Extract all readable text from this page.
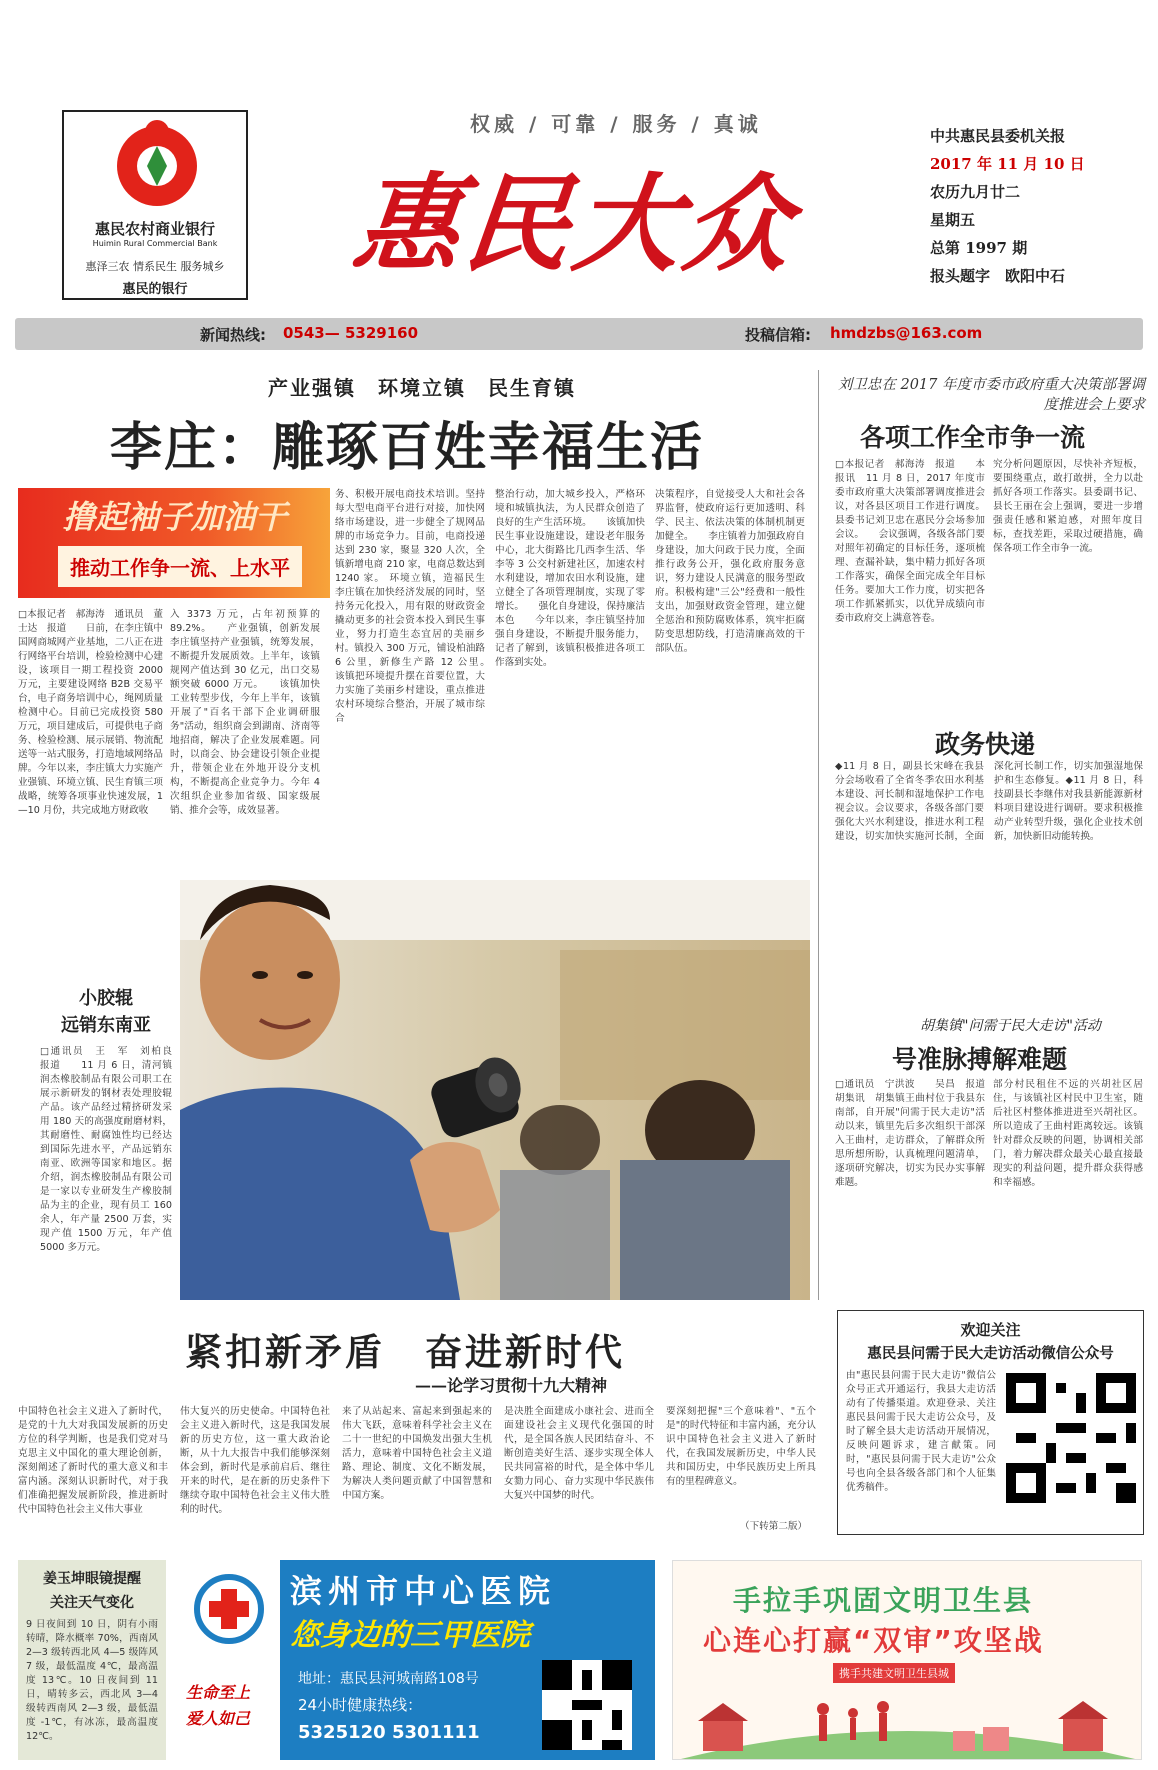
惠民农村商业银行
Huimin Rural Commercial Bank
惠泽三农 情系民生 服务城乡
惠民的银行
权威 / 可靠 / 服务 / 真诚
惠民大众
中共惠民县委机关报
2017 年 11 月 10 日
农历九月廿二
星期五
总第 1997 期
报头题字　欧阳中石
新闻热线: 0543— 5329160	投稿信箱: hmdzbs@163.com
产业强镇　环境立镇　民生育镇
李庄：雕琢百姓幸福生活
撸起袖子加油干
推动工作争一流、上水平
□本报记者　郝海涛　通讯员　董士达　报道　　日前，在李庄镇中国网商城网产业基地，二八正在进行网络平台培训，检验检测中心建设，该项目一期工程投资 2000 万元，主要建设网络 B2B 交易平台，电子商务培训中心，绳网质量检测中心。目前已完成投资 580 万元，项目建成后，可提供电子商务、检验检测、展示展销、物流配送等一站式服务，打造地域网络品牌。今年以来，李庄镇大力实施产业强镇、环境立镇、民生育镇三项战略，统筹各项事业快速发展，1—10 月份，共完成地方财政收
入 3373 万元，占年初预算的 89.2%。　　产业强镇，创新发展　　李庄镇坚持产业强镇，统筹发展，不断提升发展质效。上半年，该镇规网产值达到 30 亿元，出口交易额突破 6000 万元。　　该镇加快工业转型步伐，今年上半年，该镇开展了"百名干部下企业调研服务"活动，组织商会到湖南、济南等地招商，解决了企业发展难题。同时，以商会、协会建设引领企业提升，带领企业在外地开设分支机构，不断提高企业竞争力。今年 4 次组织企业参加省级、国家级展销、推介会等，成效显著。
务、积极开展电商技术培训。坚持每大型电商平台进行对接，加快网络市场建设，进一步健全了规网品牌的市场竞争力。目前，电商投递达到 230 家，聚显 320 人次，全镇新增电商 210 家，电商总数达到 1240 家。 环境立镇，造福民生　　李庄镇在加快经济发展的同时，坚持务元化投入，用有限的财政资金撬动更多的社会资本投入到民生事业，努力打造生态宜居的美丽乡村。镇投入 300 万元，铺设柏油路 6 公里，新修生产路 12 公里。　　该镇把环境提升摆在首要位置，大力实施了美丽乡村建设，重点推进农村环境综合整治，开展了城市综合
整治行动，加大城乡投入，严格环境和城镇执法，为人民群众创造了良好的生产生活环境。　　该镇加快民生事业设施建设，建设老年服务中心，北大街路比几西李生活、华李等 3 公交村新建社区，加速农村水利建设，增加农田水利设施，建立健全了各项管理制度，实现了零增长。　　强化自身建设，保持廉洁本色　　今年以来，李庄镇坚持加强自身建设，不断提升服务能力，记者了解到，该镇积极推进各项工作落到实处。
决策程序，自觉接受人大和社会各界监督，使政府运行更加透明、科学、民主、依法决策的体制机制更加健全。　　李庄镇着力加强政府自身建设，加大问政于民力度，全面推行政务公开，强化政府服务意识，努力建设人民满意的服务型政府。积极构建"三公"经费和一般性支出，加强财政资金管理，建立健全惩治和预防腐败体系，筑牢拒腐防变思想防线，打造清廉高效的干部队伍。
刘卫忠在 2017 年度市委市政府重大决策部署调度推进会上要求
各项工作全市争一流
□本报记者　郝海涛　报道　　本报讯　11 月 8 日，2017 年度市委市政府重大决策部署调度推进会议，对各县区项目工作进行调度。县委书记刘卫忠在惠民分会场参加会议。　　会议强调，各级各部门要对照年初确定的目标任务，逐项梳理、查漏补缺，集中精力抓好各项工作落实，确保全面完成全年目标任务。要加大工作力度，切实把各项工作抓紧抓实，以优异成绩向市委市政府交上满意答卷。
究分析问题原因，尽快补齐短板，要围绕重点，敢打敢拼，全力以赴抓好各项工作落实。县委副书记、县长王丽在会上强调，要进一步增强责任感和紧迫感，对照年度目标，查找差距，采取过硬措施，确保各项工作全市争一流。
政务快递
◆11 月 8 日，副县长宋峰在我县分会场收看了全省冬季农田水利基本建设、河长制和湿地保护工作电视会议。会议要求，各级各部门要强化大兴水利建设，推进水利工程建设，切实加快实施河长制，全面深化河长制工作，切实加强湿地保护和生态修复。◆11 月 8 日，科技副县长李继伟对我县新能源新材料项目建设进行调研。要求积极推动产业转型升级，强化企业技术创新，加快新旧动能转换。
胡集镇"问需于民大走访"活动
号准脉搏解难题
□通讯员　宁洪波　　吴昌　报道　　胡集讯　胡集镇王曲村位于我县东南部，自开展"问需于民大走访"活动以来，镇里先后多次组织干部深入王曲村，走访群众，了解群众所思所想所盼，认真梳理问题清单，逐项研究解决，切实为民办实事解难题。
部分村民租住不远的兴胡社区居住，与该镇社区村民中卫生室，随后社区村整体推进进至兴胡社区。所以造成了王曲村距离较远。该镇针对群众反映的问题，协调相关部门，着力解决群众最关心最直接最现实的利益问题，提升群众获得感和幸福感。
小胶辊
远销东南亚
□通讯员　王　军　刘柏良　报道　　11 月 6 日，清河镇润杰橡胶制品有限公司职工在展示新研发的钢材表处理胶辊产品。该产品经过精挤研发采用 180 天的高强度耐磨材料，其耐磨性、耐腐蚀性均已经达到国际先进水平，产品远销东南亚、欧洲等国家和地区。据介绍，润杰橡胶制品有限公司是一家以专业研发生产橡胶制品为主的企业，现有员工 160 余人，年产量 2500 万套，实现产值 1500 万元，年产值 5000 多万元。
紧扣新矛盾　奋进新时代
——论学习贯彻十九大精神
中国特色社会主义进入了新时代，是党的十九大对我国发展新的历史方位的科学判断，也是我们党对马克思主义中国化的重大理论创新，深刻阐述了新时代的重大意义和丰富内涵。深刻认识新时代，对于我们准确把握发展新阶段，推进新时代中国特色社会主义伟大事业
伟大复兴的历史使命。中国特色社会主义进入新时代，这是我国发展新的历史方位，这一重大政治论断，从十九大报告中我们能够深刻体会到，新时代是承前启后、继往开来的时代，是在新的历史条件下继续夺取中国特色社会主义伟大胜利的时代。
来了从站起来、富起来到强起来的伟大飞跃，意味着科学社会主义在二十一世纪的中国焕发出强大生机活力，意味着中国特色社会主义道路、理论、制度、文化不断发展，为解决人类问题贡献了中国智慧和中国方案。
是决胜全面建成小康社会、进而全面建设社会主义现代化强国的时代，是全国各族人民团结奋斗、不断创造美好生活、逐步实现全体人民共同富裕的时代，是全体中华儿女勠力同心、奋力实现中华民族伟大复兴中国梦的时代。
要深刻把握"三个意味着"、"五个是"的时代特征和丰富内涵，充分认识中国特色社会主义进入了新时代，在我国发展新历史，中华人民共和国历史，中华民族历史上所具有的里程碑意义。
（下转第二版）
欢迎关注
惠民县问需于民大走访活动微信公众号
由"惠民县问需于民大走访"微信公众号正式开通运行，我县大走访活动有了传播渠道。欢迎登录、关注惠民县问需于民大走访公众号，及时了解全县大走访活动开展情况，反映问题诉求，建言献策。同时，"惠民县问需于民大走访"公众号也向全县各级各部门和个人征集优秀稿件。
姜玉坤眼镜提醒
关注天气变化
9 日夜间到 10 日，阴有小雨转晴，降水概率 70%，西南风 2—3 级转西北风 4—5 级阵风 7 级，最低温度 4℃，最高温度 13℃。10 日夜间到 11 日，晴转多云，西北风 3—4 级转西南风 2—3 级，最低温度 -1℃，有冰冻，最高温度 12℃。
生命至上
爱人如己
滨州市中心医院
您身边的三甲医院
地址：惠民县河城南路108号
24小时健康热线：
5325120 5301111
手拉手巩固文明卫生县
心连心打赢“双审”攻坚战
携手共建文明卫生县城
